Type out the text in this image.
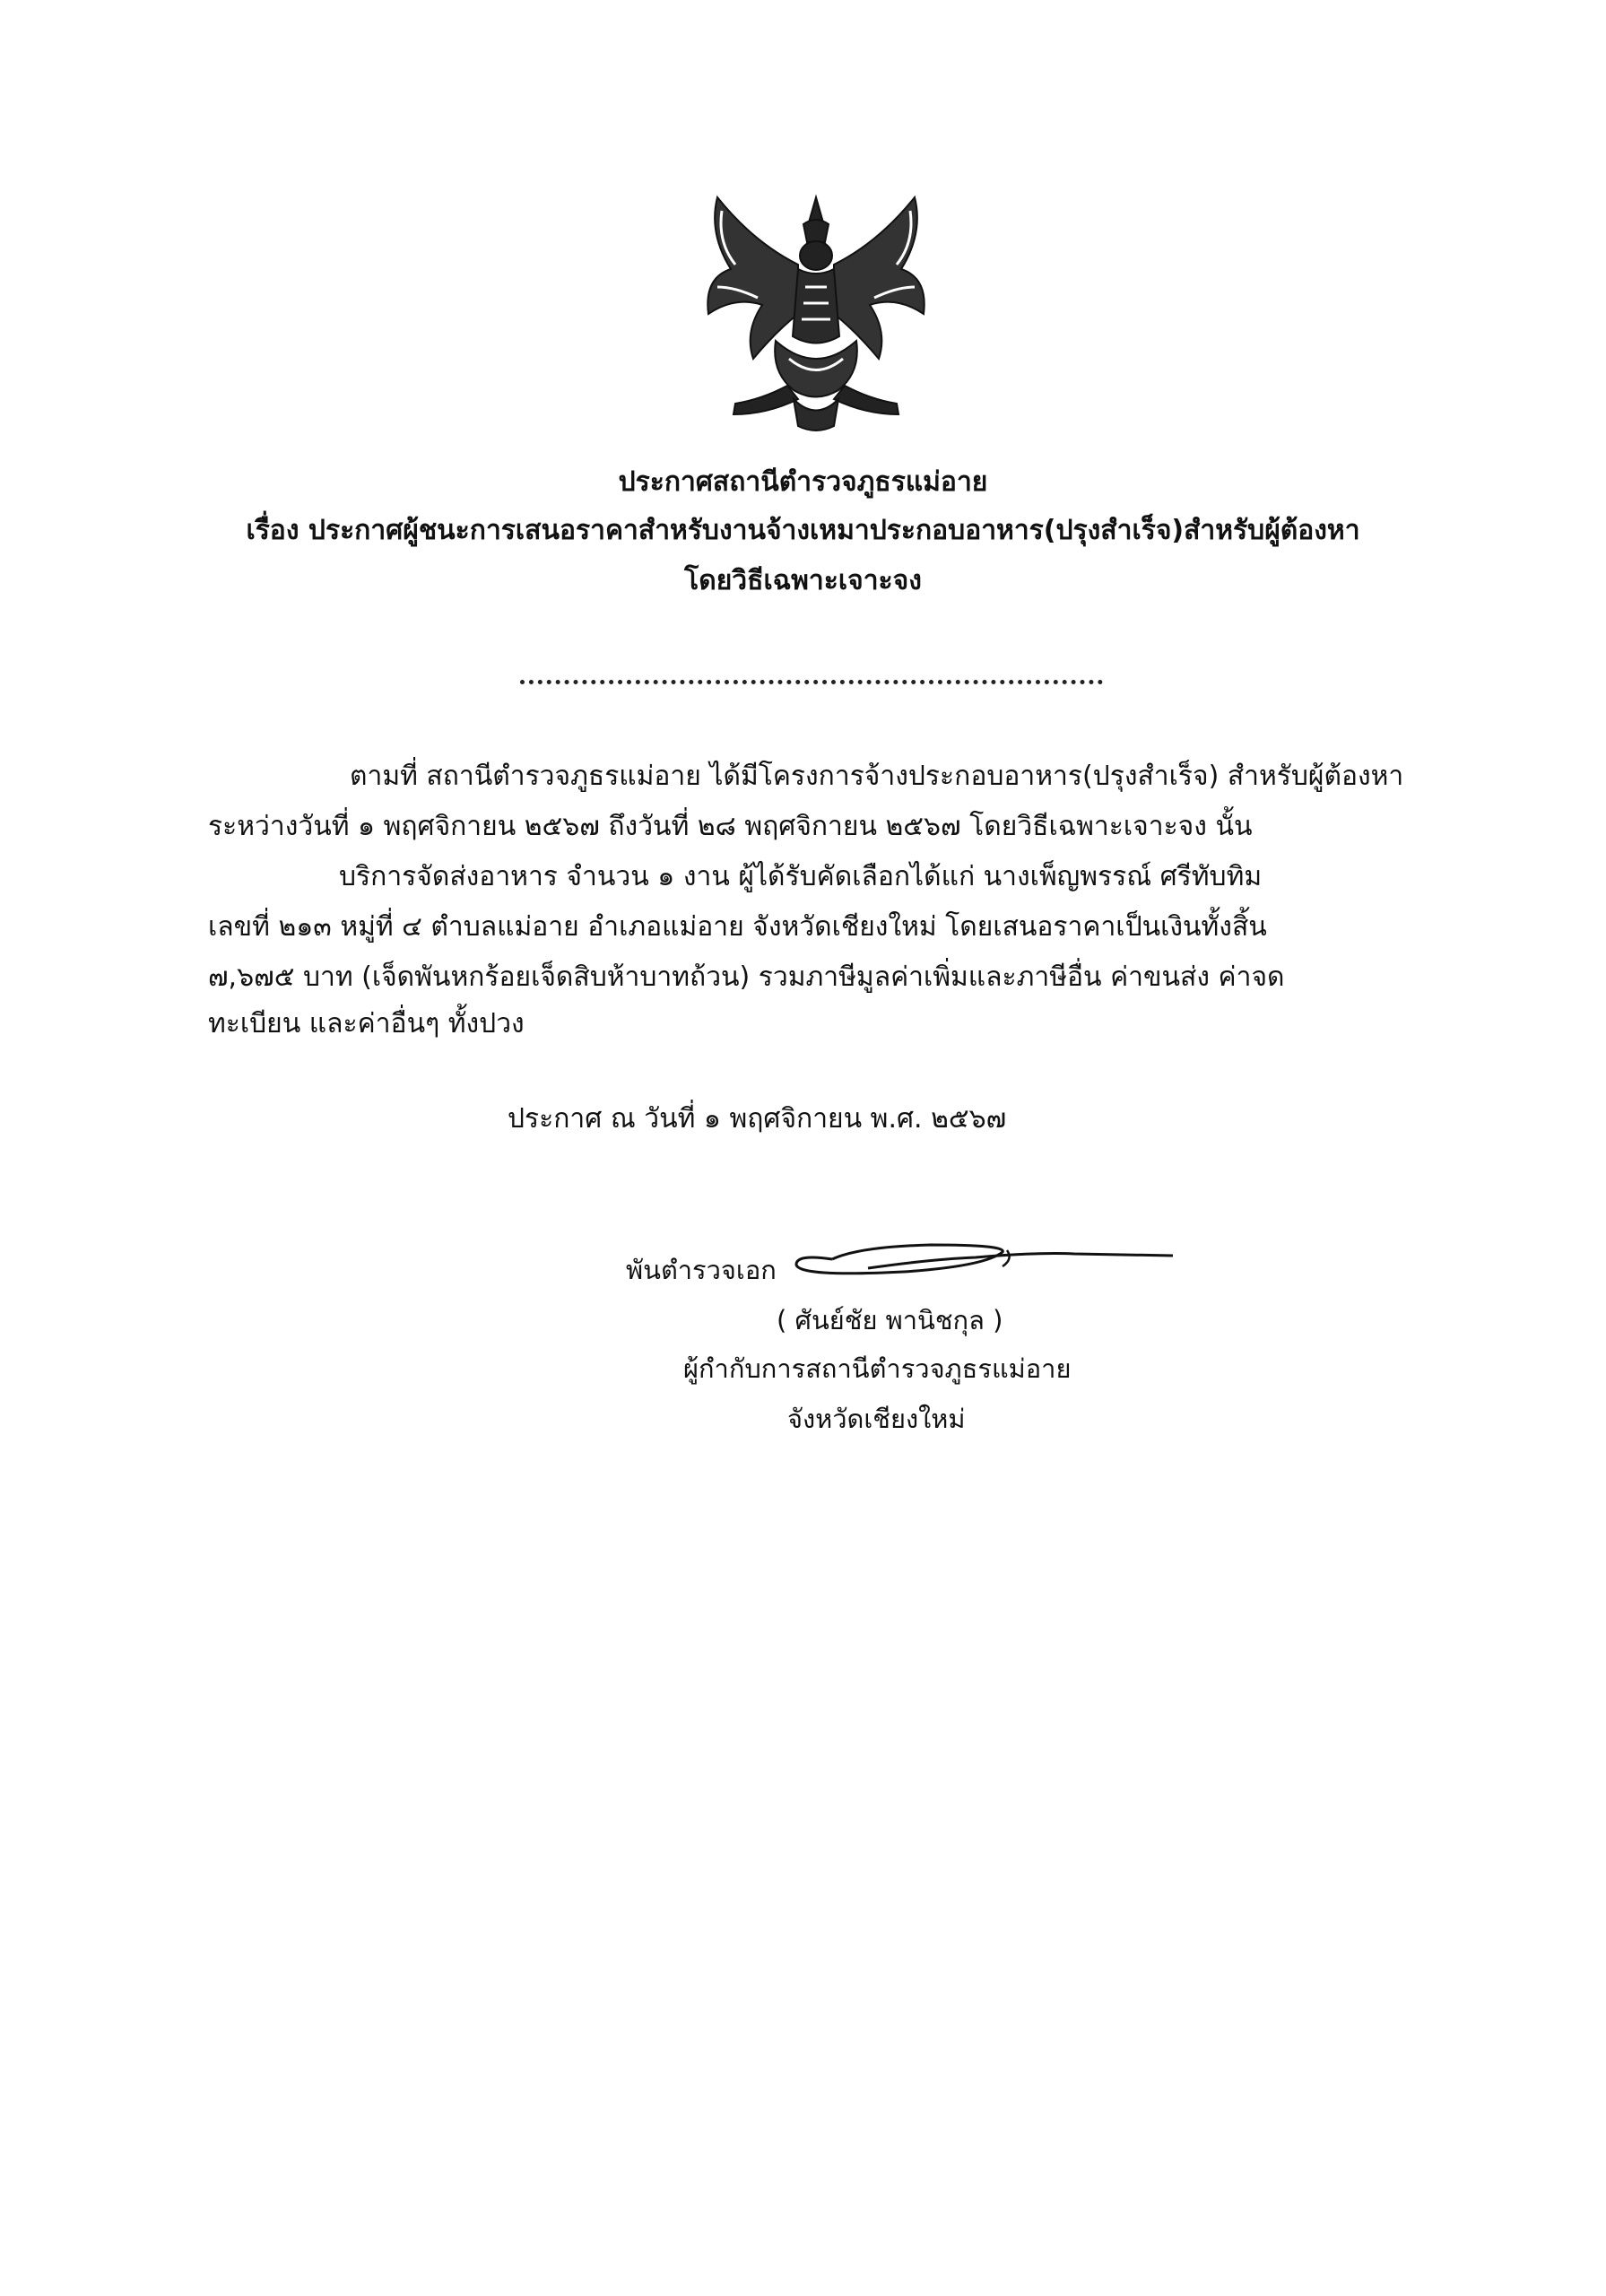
ประกาศสถานีตำรวจภูธรแม่อาย
เรื่อง ประกาศผู้ชนะการเสนอราคาสำหรับงานจ้างเหมาประกอบอาหาร(ปรุงสำเร็จ)สำหรับผู้ต้องหา
โดยวิธีเฉพาะเจาะจง
ตามที่ สถานีตำรวจภูธรแม่อาย ได้มีโครงการจ้างประกอบอาหาร(ปรุงสำเร็จ) สำหรับผู้ต้องหา
ระหว่างวันที่ ๑ พฤศจิกายน ๒๕๖๗ ถึงวันที่ ๒๘ พฤศจิกายน ๒๕๖๗ โดยวิธีเฉพาะเจาะจง นั้น
บริการจัดส่งอาหาร จำนวน ๑ งาน ผู้ได้รับคัดเลือกได้แก่ นางเพ็ญพรรณ์ ศรีทับทิม
เลขที่ ๒๑๓ หมู่ที่ ๔ ตำบลแม่อาย อำเภอแม่อาย จังหวัดเชียงใหม่ โดยเสนอราคาเป็นเงินทั้งสิ้น
๗,๖๗๕ บาท (เจ็ดพันหกร้อยเจ็ดสิบห้าบาทถ้วน) รวมภาษีมูลค่าเพิ่มและภาษีอื่น ค่าขนส่ง ค่าจด
ทะเบียน และค่าอื่นๆ ทั้งปวง
ประกาศ ณ วันที่ ๑ พฤศจิกายน พ.ศ. ๒๕๖๗
พันตำรวจเอก
( ศันย์ชัย พานิชกุล )
ผู้กำกับการสถานีตำรวจภูธรแม่อาย
จังหวัดเชียงใหม่
